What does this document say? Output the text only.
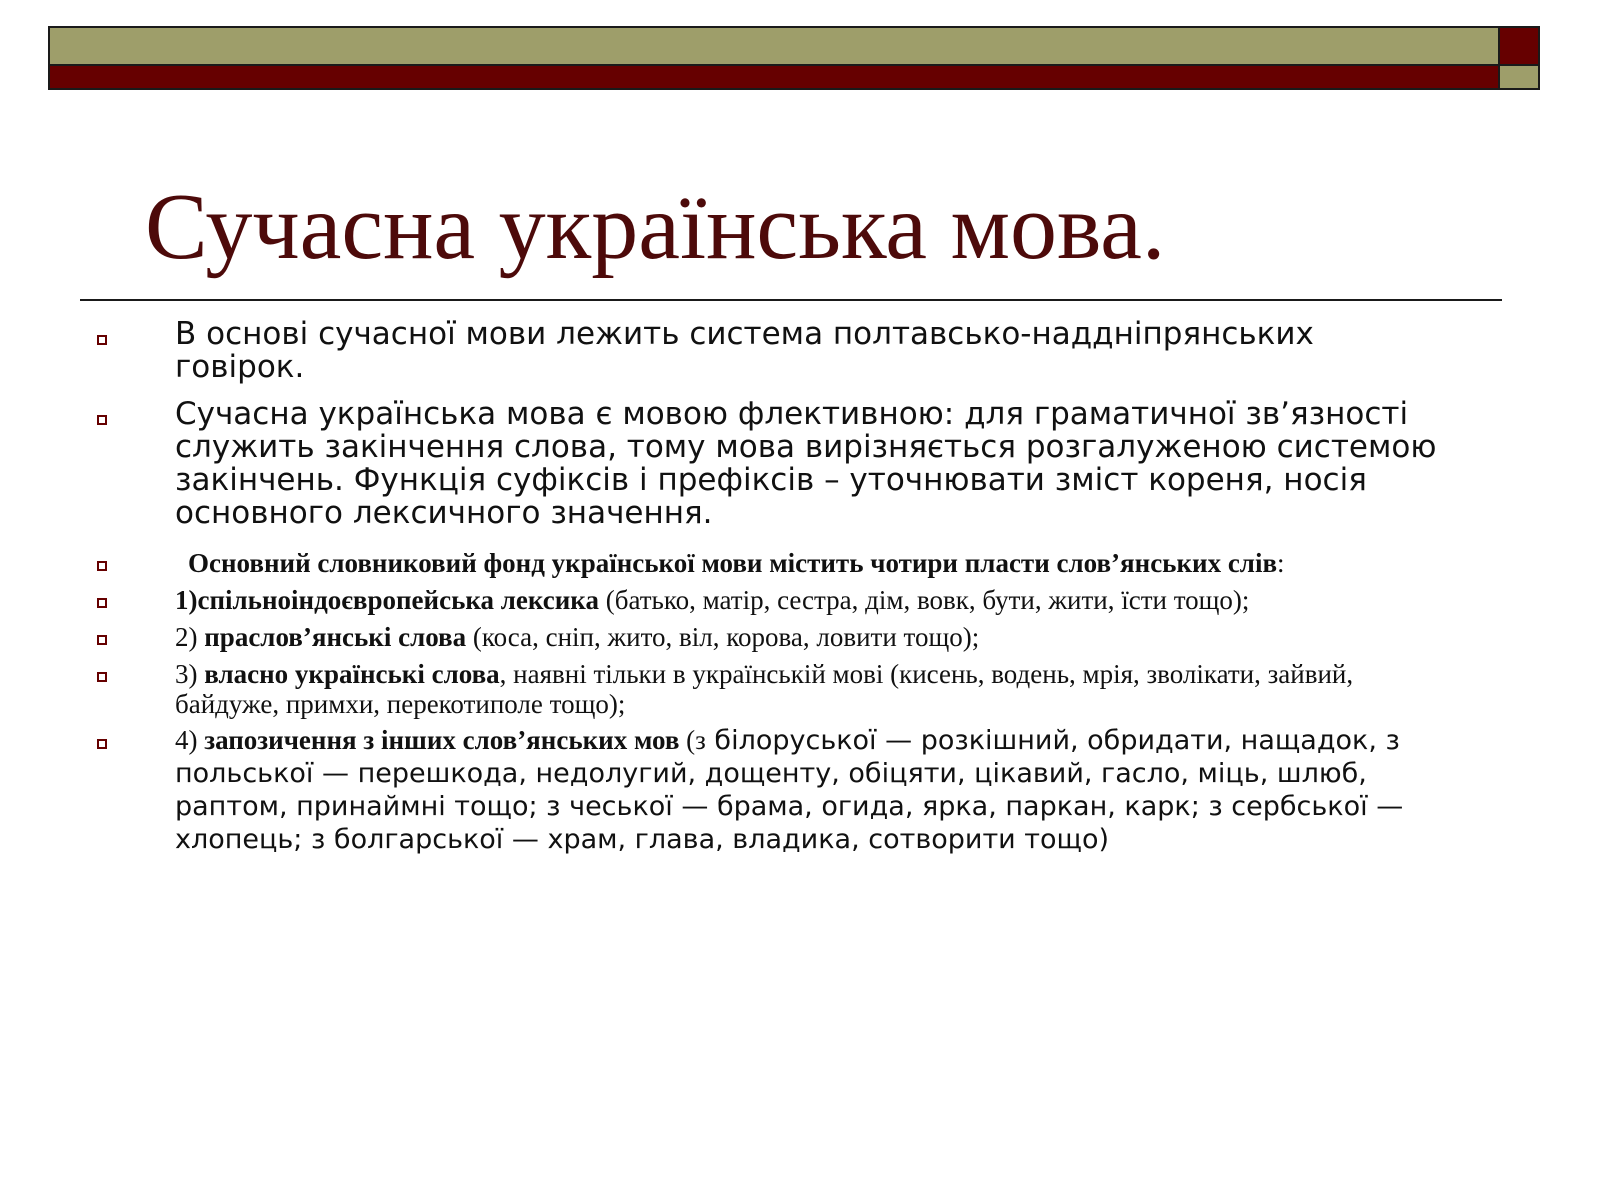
Сучасна українська мова.
В основі сучасної мови лежить система полтавсько-наддніпрянських говірок.
Сучасна українська мова є мовою флективною: для граматичної зв’язності служить закінчення слова, тому мова вирізняється розгалуженою системою закінчень. Функція суфіксів і префіксів – уточнювати зміст кореня, носія основного лексичного значення.
Основний словниковий фонд української мови містить чотири пласти слов’янських слів:
1)спільноіндоєвропейська лексика (батько, матір, сестра, дім, вовк, бути, жити, їсти тощо);
2) праслов’янські слова (коса, сніп, жито, віл, корова, ловити тощо);
3) власно українські слова, наявні тільки в українській мові (кисень, водень, мрія, зволікати, зайвий, байдуже, примхи, перекотиполе тощо);
4) запозичення з інших слов’янських мов (з білоруської — розкішний, обридати, нащадок, з польської — перешкода, недолугий, дощенту, обіцяти, цікавий, гасло, міць, шлюб, раптом, принаймні тощо; з чеської — брама, огида, ярка, паркан, карк; з сербської — хлопець; з болгарської — храм, глава, владика, сотворити тощо)
